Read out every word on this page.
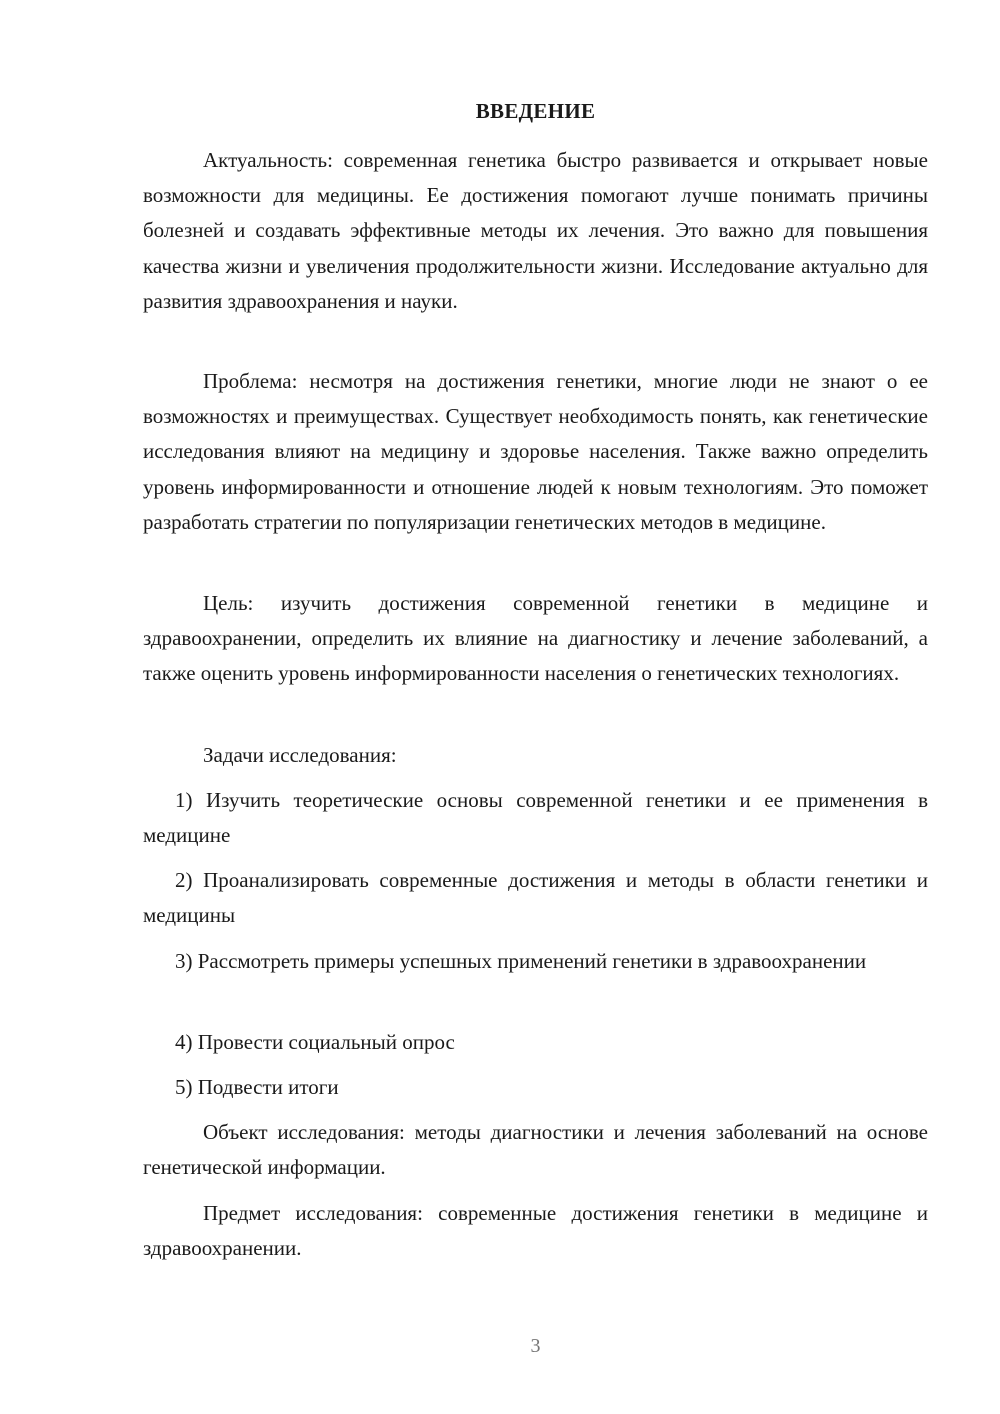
ВВЕДЕНИЕ

Актуальность: современная генетика быстро развивается и открывает новые возможности для медицины. Ее достижения помогают лучше понимать причины болезней и создавать эффективные методы их лечения. Это важно для повышения качества жизни и увеличения продолжительности жизни. Исследование актуально для развития здравоохранения и науки.

Проблема: несмотря на достижения генетики, многие люди не знают о ее возможностях и преимуществах. Существует необходимость понять, как генетические исследования влияют на медицину и здоровье населения. Также важно определить уровень информированности и отношение людей к новым технологиям. Это поможет разработать стратегии по популяризации генетических методов в медицине.

Цель: изучить достижения современной генетики в медицине и здравоохранении, определить их влияние на диагностику и лечение заболеваний, а также оценить уровень информированности населения о генетических технологиях.

Задачи исследования:

1) Изучить теоретические основы современной генетики и ее применения в медицине

2) Проанализировать современные достижения и методы в области генетики и медицины

3) Рассмотреть примеры успешных применений генетики в здравоохранении

4) Провести социальный опрос

5) Подвести итоги

Объект исследования: методы диагностики и лечения заболеваний на основе генетической информации.

Предмет исследования: современные достижения генетики в медицине и здравоохранении.

3
